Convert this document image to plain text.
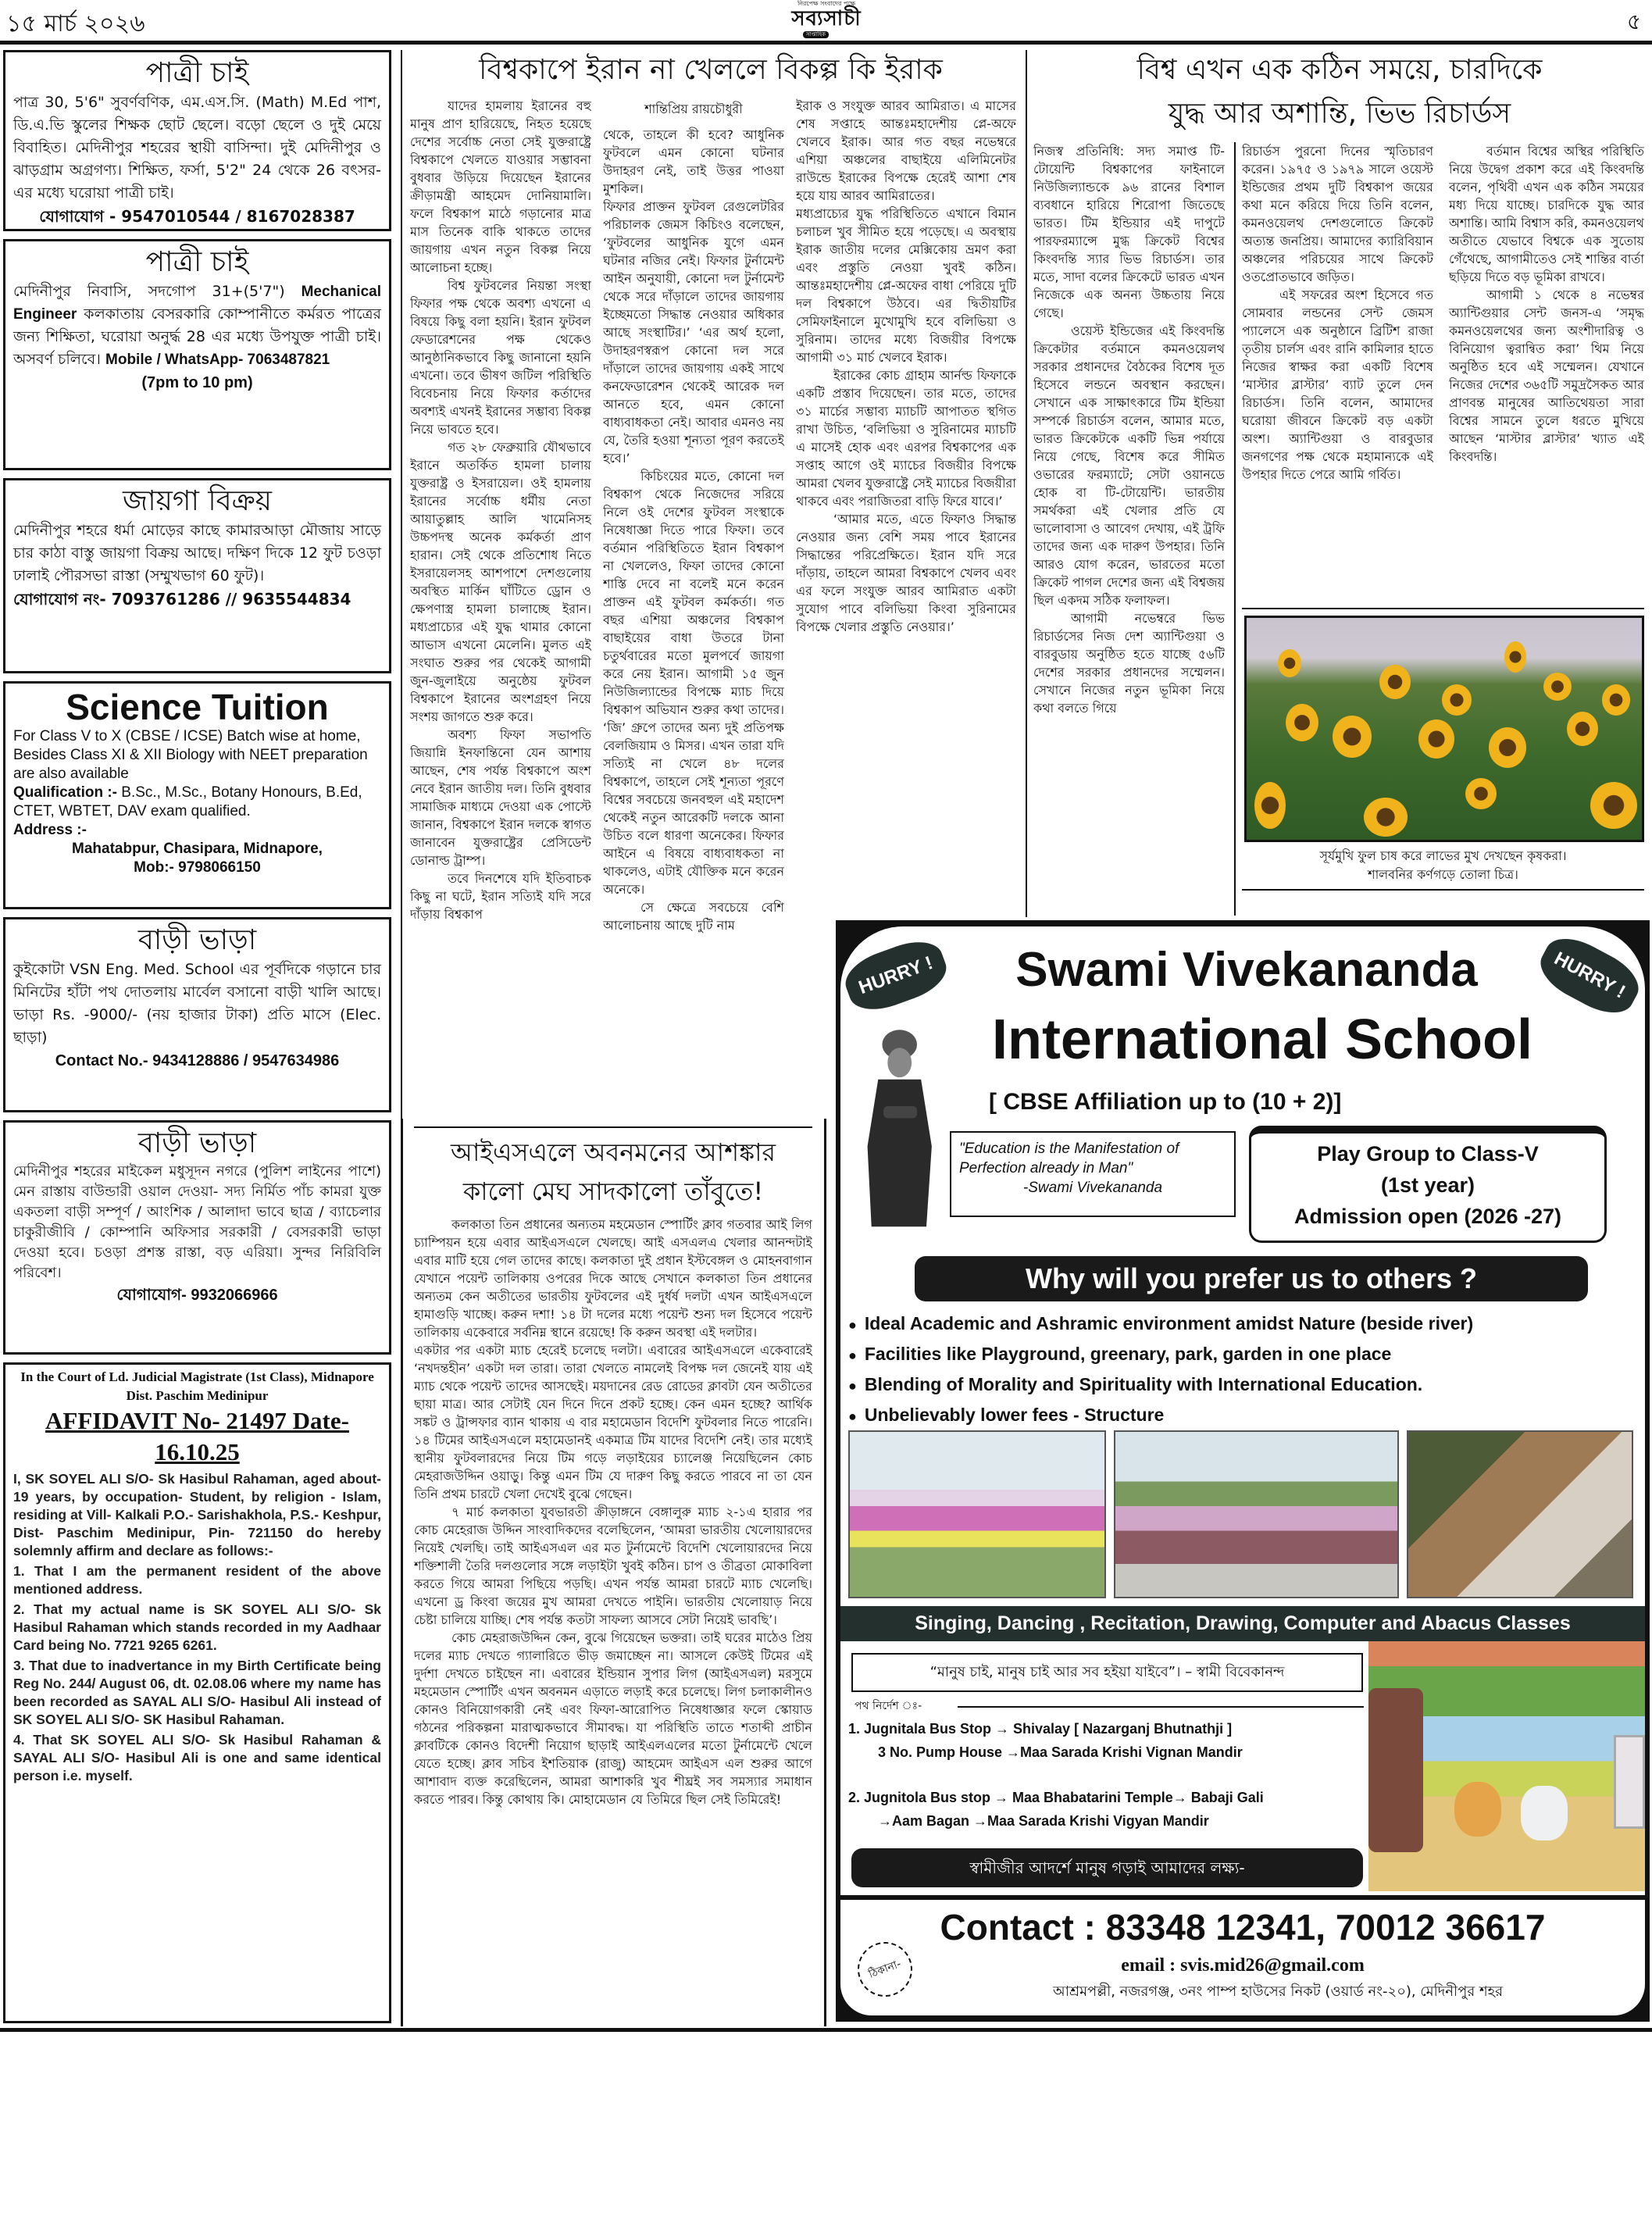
১৫ মার্চ ২০২৬
নিরপেক্ষ সংবাদের পক্ষে
সব্যসাচী
সাপ্তাহিক	৫
পাত্রী চাই

পাত্র 30, 5'6" সুবর্ণবণিক, এম.এস.সি. (Math) M.Ed পাশ, ডি.এ.ভি স্কুলের শিক্ষক ছোট ছেলে। বড়ো ছেলে ও দুই মেয়ে বিবাহিত। মেদিনীপুর শহরের স্থায়ী বাসিন্দা। দুই মেদিনীপুর ও ঝাড়গ্রাম অগ্রগণ্য। শিক্ষিত, ফর্সা, 5'2" 24 থেকে 26 বৎসর-এর মধ্যে ঘরোয়া পাত্রী চাই।

যোগাযোগ - 9547010544 / 8167028387
পাত্রী চাই

মেদিনীপুর নিবাসি, সদগোপ 31+(5'7") Mechanical Engineer কলকাতায় বেসরকারি কোম্পানীতে কর্মরত পাত্রের জন্য শিক্ষিতা, ঘরোয়া অনুর্দ্ধ 28 এর মধ্যে উপযুক্ত পাত্রী চাই। অসবর্ণ চলিবে। Mobile / WhatsApp- 7063487821

(7pm to 10 pm)
জায়গা বিক্রয়

মেদিনীপুর শহরে ধর্মা মোড়ের কাছে কামারআড়া মৌজায় সাড়ে চার কাঠা বাস্তু জায়গা বিক্রয় আছে। দক্ষিণ দিকে 12 ফুট চওড়া ঢালাই পৌরসভা রাস্তা (সম্মুখভাগ 60 ফুট)।

যোগাযোগ নং- 7093761286 // 9635544834
Science Tuition

For Class V to X (CBSE / ICSE) Batch wise at home, Besides Class XI & XII Biology with NEET preparation are also available

Qualification :- B.Sc., M.Sc., Botany Honours, B.Ed, CTET, WBTET, DAV exam qualified.

Address :-

Mahatabpur, Chasipara, Midnapore,

Mob:- 9798066150

বাড়ী ভাড়া

কুইকোটা VSN Eng. Med. School এর পূর্বদিকে গড়ানে চার মিনিটের হাঁটা পথ দোতলায় মার্বেল বসানো বাড়ী খালি আছে। ভাড়া Rs. -9000/- (নয় হাজার টাকা) প্রতি মাসে (Elec. ছাড়া)

Contact No.- 9434128886 / 9547634986
বাড়ী ভাড়া

মেদিনীপুর শহরের মাইকেল মধুসূদন নগরে (পুলিশ লাইনের পাশে) মেন রাস্তায় বাউন্ডারী ওয়াল দেওয়া- সদ্য নির্মিত পাঁচ কামরা যুক্ত একতলা বাড়ী সম্পূর্ণ / আংশিক / আলাদা ভাবে ছাত্র / ব্যাচেলার চাকুরীজীবি / কোম্পানি অফিসার সরকারী / বেসরকারী ভাড়া দেওয়া হবে। চওড়া প্রশস্ত রাস্তা, বড় এরিয়া। সুন্দর নিরিবিলি পরিবেশ।

যোগাযোগ- 9932066966
In the Court of Ld. Judicial Magistrate (1st Class), Midnapore Dist. Paschim Medinipur
AFFIDAVIT No- 21497 Date- 16.10.25

I, SK SOYEL ALI S/O- Sk Hasibul Rahaman, aged about- 19 years, by occupation- Student, by religion - Islam, residing at Vill- Kalkali P.O.- Sarishakhola, P.S.- Keshpur, Dist- Paschim Medinipur, Pin- 721150 do hereby solemnly affirm and declare as follows:-

1. That I am the permanent resident of the above mentioned address.

2. That my actual name is SK SOYEL ALI S/O- Sk Hasibul Rahaman which stands recorded in my Aadhaar Card being No. 7721 9265 6261.

3. That due to inadvertance in my Birth Certificate being Reg No. 244/ August 06, dt. 02.08.06 where my name has been recorded as SAYAL ALI S/O- Hasibul Ali instead of SK SOYEL ALI S/O- SK Hasibul Rahaman.

4. That SK SOYEL ALI S/O- Sk Hasibul Rahaman & SAYAL ALI S/O- Hasibul Ali is one and same identical person i.e. myself.

বিশ্বকাপে ইরান না খেললে বিকল্প কি ইরাক

যাদের হামলায় ইরানের বহু মানুষ প্রাণ হারিয়েছে, নিহত হয়েছে দেশের সর্বোচ্চ নেতা সেই যুক্তরাষ্ট্রে বিশ্বকাপে খেলতে যাওয়ার সম্ভাবনা বুধবার উড়িয়ে দিয়েছেন ইরানের ক্রীড়ামন্ত্রী আহমেদ দোনিয়ামালি। ফলে বিশ্বকাপ মাঠে গড়ানোর মাত্র মাস তিনেক বাকি থাকতে তাদের জায়গায় এখন নতুন বিকল্প নিয়ে আলোচনা হচ্ছে।

বিশ্ব ফুটবলের নিয়ন্তা সংস্থা ফিফার পক্ষ থেকে অবশ্য এখনো এ বিষয়ে কিছু বলা হয়নি। ইরান ফুটবল ফেডারেশনের পক্ষ থেকেও আনুষ্ঠানিকভাবে কিছু জানানো হয়নি এখনো। তবে ভীষণ জটিল পরিস্থিতি বিবেচনায় নিয়ে ফিফার কর্তাদের অবশ্যই এখনই ইরানের সম্ভাব্য বিকল্প নিয়ে ভাবতে হবে।

গত ২৮ ফেব্রুয়ারি যৌথভাবে ইরানে অতর্কিত হামলা চালায় যুক্তরাষ্ট্র ও ইসরায়েল। ওই হামলায় ইরানের সর্বোচ্চ ধর্মীয় নেতা আয়াতুল্লাহ আলি খামেনিসহ উচ্চপদস্থ অনেক কর্মকর্তা প্রাণ হারান। সেই থেকে প্রতিশোধ নিতে ইসরায়েলসহ আশপাশে দেশগুলোয় অবস্থিত মার্কিন ঘাঁটিতে ড্রোন ও ক্ষেপণাস্ত্র হামলা চালাচ্ছে ইরান। মধ্যপ্রাচ্যের এই যুদ্ধ থামার কোনো আভাস এখনো মেলেনি। মুলত এই সংঘাত শুরুর পর থেকেই আগামী জুন-জুলাইয়ে অনুষ্ঠেয় ফুটবল বিশ্বকাপে ইরানের অংশগ্রহণ নিয়ে সংশয় জাগতে শুরু করে।

অবশ্য ফিফা সভাপতি জিয়ান্নি ইনফান্তিনো যেন আশায় আছেন, শেষ পর্যন্ত বিশ্বকাপে অংশ নেবে ইরান জাতীয় দল। তিনি বুধবার সামাজিক মাধ্যমে দেওয়া এক পোস্টে জানান, বিশ্বকাপে ইরান দলকে স্বাগত জানাবেন যুক্তরাষ্ট্রের প্রেসিডেন্ট ডোনাল্ড ট্রাম্প।

তবে দিনশেষে যদি ইতিবাচক কিছু না ঘটে, ইরান সত্যিই যদি সরে দাঁড়ায় বিশ্বকাপ

শান্তিপ্রিয় রায়চৌধুরী

থেকে, তাহলে কী হবে? আধুনিক ফুটবলে এমন কোনো ঘটনার উদাহরণ নেই, তাই উত্তর পাওয়া মুশকিল।

ফিফার প্রাক্তন ফুটবল রেগুলেটরির পরিচালক জেমস কিচিংও বলেছেন, ‘ফুটবলের আধুনিক যুগে এমন ঘটনার নজির নেই। ফিফার টুর্নামেন্ট আইন অনুযায়ী, কোনো দল টুর্নামেন্ট থেকে সরে দাঁড়ালে তাদের জায়গায় ইচ্ছেমতো সিদ্ধান্ত নেওয়ার অধিকার আছে সংস্থাটির।’ ‘এর অর্থ হলো, উদাহরণস্বরূপ কোনো দল সরে দাঁড়ালে তাদের জায়গায় একই সাথে কনফেডারেশন থেকেই আরেক দল আনতে হবে, এমন কোনো বাধ্যবাধকতা নেই। আবার এমনও নয় যে, তৈরি হওয়া শূন্যতা পূরণ করতেই হবে।’

কিচিংয়ের মতে, কোনো দল বিশ্বকাপ থেকে নিজেদের সরিয়ে নিলে ওই দেশের ফুটবল সংস্থাকে নিষেধাজ্ঞা দিতে পারে ফিফা। তবে বর্তমান পরিস্থিতিতে ইরান বিশ্বকাপ না খেললেও, ফিফা তাদের কোনো শাস্তি দেবে না বলেই মনে করেন প্রাক্তন এই ফুটবল কর্মকর্তা। গত বছর এশিয়া অঞ্চলের বিশ্বকাপ বাছাইয়ের বাধা উতরে টানা চতুর্থবারের মতো মুলপর্বে জায়গা করে নেয় ইরান। আগামী ১৫ জুন নিউজিল্যান্ডের বিপক্ষে ম্যাচ দিয়ে বিশ্বকাপ অভিযান শুরুর কথা তাদের। ‘জি’ গ্রুপে তাদের অন্য দুই প্রতিপক্ষ বেলজিয়াম ও মিসর। এখন তারা যদি সত্যিই না খেলে ৪৮ দলের বিশ্বকাপে, তাহলে সেই শূন্যতা পূরণে বিশ্বের সবচেয়ে জনবহুল এই মহাদেশ থেকেই নতুন আরেকটি দলকে আনা উচিত বলে ধারণা অনেকের। ফিফার আইনে এ বিষয়ে বাধ্যবাধকতা না থাকলেও, এটাই যৌক্তিক মনে করেন অনেকে।

সে ক্ষেত্রে সবচেয়ে বেশি আলোচনায় আছে দুটি নাম

ইরাক ও সংযুক্ত আরব আমিরাত। এ মাসের শেষ সপ্তাহে আন্তঃমহাদেশীয় প্লে-অফে খেলবে ইরাক। আর গত বছর নভেম্বরে এশিয়া অঞ্চলের বাছাইয়ে এলিমিনেটর রাউন্ডে ইরাকের বিপক্ষে হেরেই আশা শেষ হয়ে যায় আরব আমিরাতের।

মধ্যপ্রাচ্যের যুদ্ধ পরিস্থিতিতে এখানে বিমান চলাচল খুব সীমিত হয়ে পড়েছে। এ অবস্থায় ইরাক জাতীয় দলের মেক্সিকোয় ভ্রমণ করা এবং প্রস্তুতি নেওয়া খুবই কঠিন। আন্তঃমহাদেশীয় প্লে-অফের বাধা পেরিয়ে দুটি দল বিশ্বকাপে উঠবে। এর দ্বিতীয়টির সেমিফাইনালে মুখোমুখি হবে বলিভিয়া ও সুরিনাম। তাদের মধ্যে বিজয়ীর বিপক্ষে আগামী ৩১ মার্চ খেলবে ইরাক।

ইরাকের কোচ গ্রাহাম আর্নল্ড ফিফাকে একটি প্রস্তাব দিয়েছেন। তার মতে, তাদের ৩১ মার্চের সম্ভাব্য ম্যাচটি আপাতত স্থগিত রাখা উচিত, ‘বলিভিয়া ও সুরিনামের ম্যাচটি এ মাসেই হোক এবং এরপর বিশ্বকাপের এক সপ্তাহ আগে ওই ম্যাচের বিজয়ীর বিপক্ষে আমরা খেলব যুক্তরাষ্ট্রে সেই ম্যাচের বিজয়ীরা থাকবে এবং পরাজিতরা বাড়ি ফিরে যাবে।’

‘আমার মতে, এতে ফিফাও সিদ্ধান্ত নেওয়ার জন্য বেশি সময় পাবে ইরানের সিদ্ধান্তের পরিপ্রেক্ষিতে। ইরান যদি সরে দাঁড়ায়, তাহলে আমরা বিশ্বকাপে খেলব এবং এর ফলে সংযুক্ত আরব আমিরাত একটা সুযোগ পাবে বলিভিয়া কিংবা সুরিনামের বিপক্ষে খেলার প্রস্তুতি নেওয়ার।’

আইএসএলে অবনমনের আশঙ্কার
কালো মেঘ সাদকালো তাঁবুতে!

কলকাতা তিন প্রধানের অন্যতম মহমেডান স্পোর্টিং ক্লাব গতবার আই লিগ চ্যাম্পিয়ন হয়ে এবার আইএসএলে খেলছে। আই এসএলএ খেলার আনন্দটাই এবার মাটি হয়ে গেল তাদের কাছে। কলকাতা দুই প্রধান ইস্টবেঙ্গল ও মোহনবাগান যেখানে পয়েন্ট তালিকায় ওপরের দিকে আছে সেখানে কলকাতা তিন প্রধানের অন্যতম কেন অতীতের ভারতীয় ফুটবলের এই দুর্ধর্ষ দলটা এখন আইএসএলে হামাগুড়ি খাচ্ছে। করুন দশা! ১৪ টা দলের মধ্যে পয়েন্ট শুন্য দল হিসেবে পয়েন্ট তালিকায় একেবারে সর্বনিম্ন স্থানে রয়েছে! কি করুন অবস্থা এই দলটার।

একটার পর একটা ম্যাচ হেরেই চলেছে দলটা। এবারের আইএসএলে একেবারেই ‘নখদন্তহীন’ একটা দল তারা। তারা খেলতে নামলেই বিপক্ষ দল জেনেই যায় এই ম্যাচ থেকে পয়েন্ট তাদের আসছেই। ময়দানের রেড রোডের ক্লাবটা যেন অতীতের ছায়া মাত্র। আর সেটাই যেন দিনে দিনে প্রকট হচ্ছে। কেন এমন হচ্ছে? আর্থিক সঙ্কট ও ট্রান্সফার ব্যান থাকায় এ বার মহামেডান বিদেশি ফুটবলার নিতে পারেনি। ১৪ টিমের আইএসএলে মহামেডানই একমাত্র টিম যাদের বিদেশি নেই। তার মধ্যেই স্থানীয় ফুটবলারদের নিয়ে টিম গড়ে লড়াইয়ের চ্যালেঞ্জ নিয়েছিলেন কোচ মেহরাজউদ্দিন ওয়াড়ু। কিন্তু এমন টিম যে দারুণ কিছু করতে পারবে না তা যেন তিনি প্রথম চারটে খেলা দেখেই বুঝে গেছেন।

৭ মার্চ কলকাতা যুবভারতী ক্রীড়াঙ্গনে বেঙ্গালুরু ম্যাচ ২-১এ হারার পর কোচ মেহেরাজ উদ্দিন সাংবাদিকদের বলেছিলেন, ‘আমরা ভারতীয় খেলোয়ারদের নিয়েই খেলছি। তাই আইএসএল এর মত টুর্নামেন্টে বিদেশি খেলোয়ারদের নিয়ে শক্তিশালী তৈরি দলগুলোর সঙ্গে লড়াইটা খুবই কঠিন। চাপ ও তীব্রতা মোকাবিলা করতে গিয়ে আমরা পিছিয়ে পড়ছি। এখন পর্যন্ত আমরা চারটে ম্যাচ খেলেছি। এখনো ড্র কিংবা জয়ের মুখ আমরা দেখতে পাইনি। ভারতীয় খেলোয়াড় নিয়ে চেষ্টা চালিয়ে যাচ্ছি। শেষ পর্যন্ত কতটা সাফল্য আসবে সেটা নিয়েই ভাবছি’।

কোচ মেহরাজউদ্দিন কেন, বুঝে গিয়েছেন ভক্তরা। তাই ঘরের মাঠেও প্রিয় দলের ম্যাচ দেখতে গ্যালারিতে ভীড় জমাচ্ছেন না। আসলে কেউই টিমের এই দুর্দশা দেখতে চাইছেন না। এবারের ইন্ডিয়ান সুপার লিগ (আইএসএল) মরসুমে মহমেডান স্পোর্টিং এখন অবনমন এড়াতে লড়াই করে চলেছে। লিগ চলাকালীনও কোনও বিনিয়োগকারী নেই এবং ফিফা-আরোপিত নিষেধাজ্ঞার ফলে স্কোয়াড গঠনের পরিকল্পনা মারাত্মকভাবে সীমাবদ্ধ। যা পরিস্থিতি তাতে শতাব্দী প্রাচীন ক্লাবটিকে কোনও বিদেশী নিয়োগ ছাড়াই আইএলএলের মতো টুর্নামেন্টে খেলে যেতে হচ্ছে। ক্লাব সচিব ইশতিয়াক (রাজু) আহমেদ আইএস এল শুরুর আগে আশাবাদ ব্যক্ত করেছিলেন, আমরা আশাকরি খুব শীঘ্রই সব সমস্যার সমাধান করতে পারব। কিন্তু কোথায় কি। মোহামেডান যে তিমিরে ছিল সেই তিমিরেই!

বিশ্ব এখন এক কঠিন সময়ে, চারদিকে
যুদ্ধ আর অশান্তি, ভিভ রিচার্ডস

নিজস্ব প্রতিনিধি: সদ্য সমাপ্ত টি-টোয়েন্টি বিশ্বকাপের ফাইনালে নিউজিল্যান্ডকে ৯৬ রানের বিশাল ব্যবধানে হারিয়ে শিরোপা জিতেছে ভারত। টিম ইন্ডিয়ার এই দাপুটে পারফরম্যান্সে মুগ্ধ ক্রিকেট বিশ্বের কিংবদন্তি স্যার ভিভ রিচার্ডস। তার মতে, সাদা বলের ক্রিকেটে ভারত এখন নিজেকে এক অনন্য উচ্চতায় নিয়ে গেছে।

ওয়েস্ট ইন্ডিজের এই কিংবদন্তি ক্রিকেটার বর্তমানে কমনওয়েলথ সরকার প্রধানদের বৈঠকের বিশেষ দূত হিসেবে লন্ডনে অবস্থান করছেন। সেখানে এক সাক্ষাৎকারে টিম ইন্ডিয়া সম্পর্কে রিচার্ডস বলেন, আমার মতে, ভারত ক্রিকেটকে একটি ভিন্ন পর্যায়ে নিয়ে গেছে, বিশেষ করে সীমিত ওভারের ফরম্যাটে; সেটা ওয়ানডে হোক বা টি-টোয়েন্টি। ভারতীয় সমর্থকরা এই খেলার প্রতি যে ভালোবাসা ও আবেগ দেখায়, এই ট্রফি তাদের জন্য এক দারুণ উপহার। তিনি আরও যোগ করেন, ভারতের মতো ক্রিকেট পাগল দেশের জন্য এই বিশ্বজয় ছিল একদম সঠিক ফলাফল।

আগামী নভেম্বরে ভিভ রিচার্ডসের নিজ দেশ অ্যান্টিগুয়া ও বারবুডায় অনুষ্ঠিত হতে যাচ্ছে ৫৬টি দেশের সরকার প্রধানদের সম্মেলন। সেখানে নিজের নতুন ভূমিকা নিয়ে কথা বলতে গিয়ে

রিচার্ডস পুরনো দিনের স্মৃতিচারণ করেন। ১৯৭৫ ও ১৯৭৯ সালে ওয়েস্ট ইন্ডিজের প্রথম দুটি বিশ্বকাপ জয়ের কথা মনে করিয়ে দিয়ে তিনি বলেন, কমনওয়েলথ দেশগুলোতে ক্রিকেট অত্যন্ত জনপ্রিয়। আমাদের ক্যারিবিয়ান অঞ্চলের পরিচয়ের সাথে ক্রিকেট ওতপ্রোতভাবে জড়িত।

এই সফরের অংশ হিসেবে গত সোমবার লন্ডনের সেন্ট জেমস প্যালেসে এক অনুষ্ঠানে ব্রিটিশ রাজা তৃতীয় চার্লস এবং রানি কামিলার হাতে নিজের স্বাক্ষর করা একটি বিশেষ ‘মাস্টার ব্লাস্টার’ ব্যাট তুলে দেন রিচার্ডস। তিনি বলেন, আমাদের ঘরোয়া জীবনে ক্রিকেট বড় একটা অংশ। অ্যান্টিগুয়া ও বারবুডার জনগণের পক্ষ থেকে মহামান্যকে এই উপহার দিতে পেরে আমি গর্বিত।

বর্তমান বিশ্বের অস্থির পরিস্থিতি নিয়ে উদ্বেগ প্রকাশ করে এই কিংবদন্তি বলেন, পৃথিবী এখন এক কঠিন সময়ের মধ্য দিয়ে যাচ্ছে। চারদিকে যুদ্ধ আর অশান্তি। আমি বিশ্বাস করি, কমনওয়েলথ অতীতে যেভাবে বিশ্বকে এক সুতোয় গেঁথেছে, আগামীতেও সেই শান্তির বার্তা ছড়িয়ে দিতে বড় ভূমিকা রাখবে।

আগামী ১ থেকে ৪ নভেম্বর অ্যান্টিগুয়ার সেন্ট জনস-এ ‘সমৃদ্ধ কমনওয়েলথের জন্য অংশীদারিত্ব ও বিনিয়োগ ত্বরান্বিত করা’ থিম নিয়ে অনুষ্ঠিত হবে এই সম্মেলন। যেখানে নিজের দেশের ৩৬৫টি সমুদ্রসৈকত আর প্রাণবন্ত মানুষের আতিথেয়তা সারা বিশ্বের সামনে তুলে ধরতে মুখিয়ে আছেন ‘মাস্টার ব্লাস্টার’ খ্যাত এই কিংবদন্তি।

সূর্যমুখি ফুল চাষ করে লাভের মুখ দেখছেন কৃষকরা।
শালবনির কর্ণগড়ে তোলা চিত্র।
HURRY !	HURRY !
Swami Vivekananda
International School
[ CBSE Affiliation up to (10 + 2)]
"Education is the Manifestation of Perfection already in Man"
-Swami Vivekananda
Play Group to Class-V
(1st year)
Admission open (2026 -27)
Why will you prefer us to others ?
● Ideal Academic and Ashramic environment amidst Nature (beside river)
● Facilities like Playground, greenary, park, garden in one place
● Blending of Morality and Spirituality with International Education.
● Unbelievably lower fees - Structure
Singing, Dancing , Recitation, Drawing, Computer and Abacus Classes
“মানুষ চাই, মানুষ চাই আর সব হইয়া যাইবে”। – স্বামী বিবেকানন্দ
পথ নির্দেশ ঃ-
1. Jugnitala Bus Stop → Shivalay [ Nazarganj Bhutnathji ]
3 No. Pump House →Maa Sarada Krishi Vignan Mandir
2. Jugnitola Bus stop → Maa Bhabatarini Temple→ Babaji Gali
→Aam Bagan →Maa Sarada Krishi Vigyan Mandir
স্বামীজীর আদর্শে মানুষ গড়াই আমাদের লক্ষ্য-
Contact : 83348 12341, 70012 36617
ঠিকানা-	email : svis.mid26@gmail.com
আশ্রমপল্লী, নজরগঞ্জ, ৩নং পাম্প হাউসের নিকট (ওয়ার্ড নং-২০), মেদিনীপুর শহর
